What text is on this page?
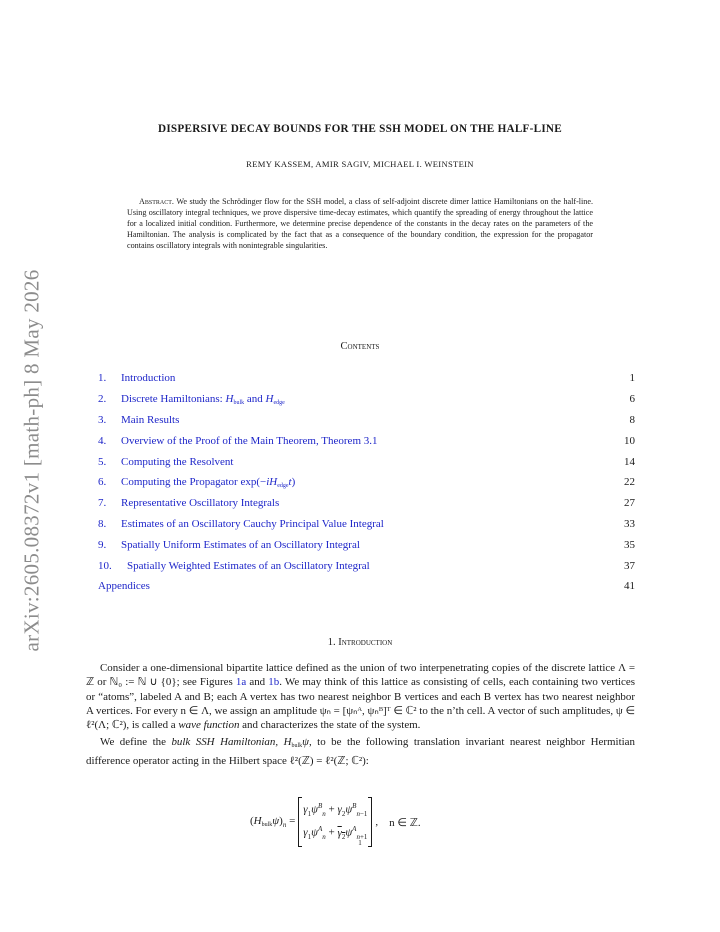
arXiv:2605.08372v1 [math-ph] 8 May 2026
DISPERSIVE DECAY BOUNDS FOR THE SSH MODEL ON THE HALF-LINE
REMY KASSEM, AMIR SAGIV, MICHAEL I. WEINSTEIN
Abstract. We study the Schrödinger flow for the SSH model, a class of self-adjoint discrete dimer lattice Hamiltonians on the half-line. Using oscillatory integral techniques, we prove dispersive time-decay estimates, which quantify the spreading of energy throughout the lattice for a localized initial condition. Furthermore, we determine precise dependence of the constants in the decay rates on the parameters of the Hamiltonian. The analysis is complicated by the fact that as a consequence of the boundary condition, the expression for the propagator contains oscillatory integrals with nonintegrable singularities.
Contents
1. Introduction	1
2. Discrete Hamiltonians: $H_{bulk}$ and $H_{edge}$	6
3. Main Results	8
4. Overview of the Proof of the Main Theorem, Theorem 3.1	10
5. Computing the Resolvent	14
6. Computing the Propagator $\exp(-iH_{edge}t)$	22
7. Representative Oscillatory Integrals	27
8. Estimates of an Oscillatory Cauchy Principal Value Integral	33
9. Spatially Uniform Estimates of an Oscillatory Integral	35
10. Spatially Weighted Estimates of an Oscillatory Integral	37
Appendices	41
1. Introduction

Consider a one-dimensional bipartite lattice defined as the union of two interpenetrating copies of the discrete lattice Λ = ℤ or ℕ₀ := ℕ ∪ {0}; see Figures 1a and 1b. We may think of this lattice as consisting of cells, each containing two vertices or “atoms”, labeled A and B; each A vertex has two nearest neighbor B vertices and each B vertex has two nearest neighbor A vertices. For every n ∈ Λ, we assign an amplitude ψₙ = [ψₙᴬ, ψₙᴮ]ᵀ ∈ ℂ² to the n’th cell. A vector of such amplitudes, ψ ∈ ℓ²(Λ; ℂ²), is called a wave function and characterizes the state of the system.

We define the bulk SSH Hamiltonian, $H_{bulk}\psi$, to be the following translation invariant nearest neighbor Hermitian difference operator acting in the Hilbert space ℓ²(ℤ) = ℓ²(ℤ; ℂ²):

$(H_{bulk}\psi)_n$ =
$\gamma_1\psi^B_n + \gamma_2\psi^B_{n-1}$
$\gamma_1\psi^A_n + \gamma_2\psi^A_{n+1}$
, n ∈ ℤ.
1
